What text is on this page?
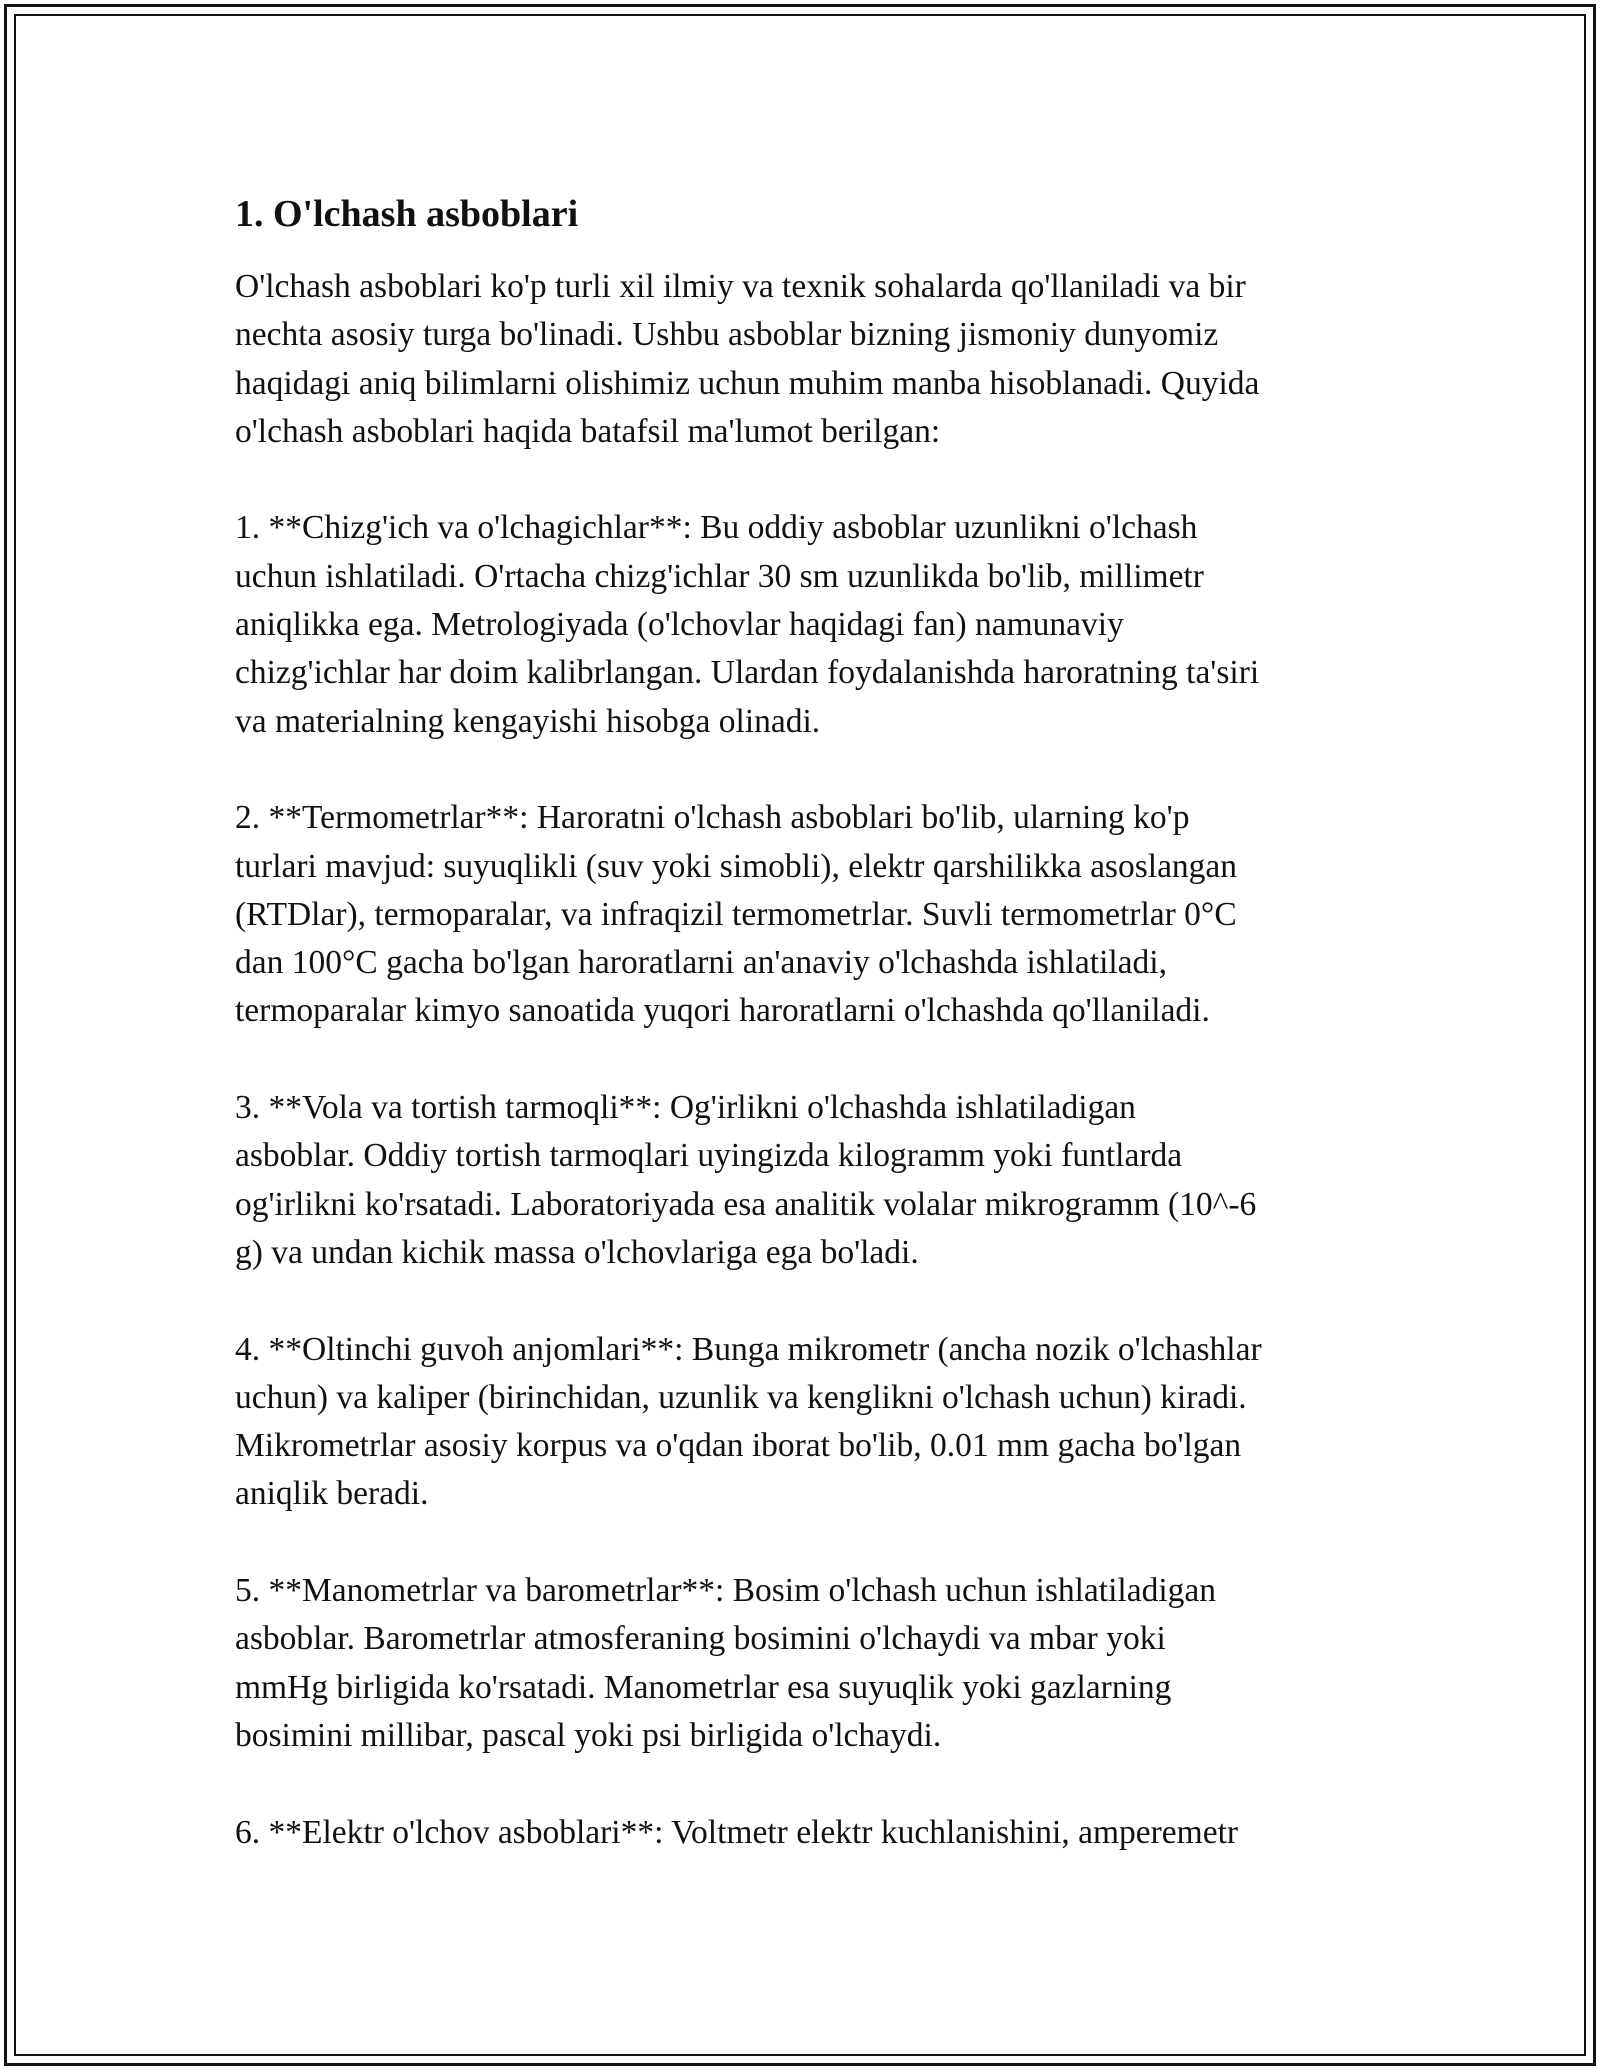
1. O'lchash asboblari
O'lchash asboblari ko'p turli xil ilmiy va texnik sohalarda qo'llaniladi va bir
nechta asosiy turga bo'linadi. Ushbu asboblar bizning jismoniy dunyomiz
haqidagi aniq bilimlarni olishimiz uchun muhim manba hisoblanadi. Quyida
o'lchash asboblari haqida batafsil ma'lumot berilgan:
1. **Chizg'ich va o'lchagichlar**: Bu oddiy asboblar uzunlikni o'lchash
uchun ishlatiladi. O'rtacha chizg'ichlar 30 sm uzunlikda bo'lib, millimetr
aniqlikka ega. Metrologiyada (o'lchovlar haqidagi fan) namunaviy
chizg'ichlar har doim kalibrlangan. Ulardan foydalanishda haroratning ta'siri
va materialning kengayishi hisobga olinadi.
2. **Termometrlar**: Haroratni o'lchash asboblari bo'lib, ularning ko'p
turlari mavjud: suyuqlikli (suv yoki simobli), elektr qarshilikka asoslangan
(RTDlar), termoparalar, va infraqizil termometrlar. Suvli termometrlar 0°C
dan 100°C gacha bo'lgan haroratlarni an'anaviy o'lchashda ishlatiladi,
termoparalar kimyo sanoatida yuqori haroratlarni o'lchashda qo'llaniladi.
3. **Vola va tortish tarmoqli**: Og'irlikni o'lchashda ishlatiladigan
asboblar. Oddiy tortish tarmoqlari uyingizda kilogramm yoki funtlarda
og'irlikni ko'rsatadi. Laboratoriyada esa analitik volalar mikrogramm (10^-6
g) va undan kichik massa o'lchovlariga ega bo'ladi.
4. **Oltinchi guvoh anjomlari**: Bunga mikrometr (ancha nozik o'lchashlar
uchun) va kaliper (birinchidan, uzunlik va kenglikni o'lchash uchun) kiradi.
Mikrometrlar asosiy korpus va o'qdan iborat bo'lib, 0.01 mm gacha bo'lgan
aniqlik beradi.
5. **Manometrlar va barometrlar**: Bosim o'lchash uchun ishlatiladigan
asboblar. Barometrlar atmosferaning bosimini o'lchaydi va mbar yoki
mmHg birligida ko'rsatadi. Manometrlar esa suyuqlik yoki gazlarning
bosimini millibar, pascal yoki psi birligida o'lchaydi.
6. **Elektr o'lchov asboblari**: Voltmetr elektr kuchlanishini, amperemetr
